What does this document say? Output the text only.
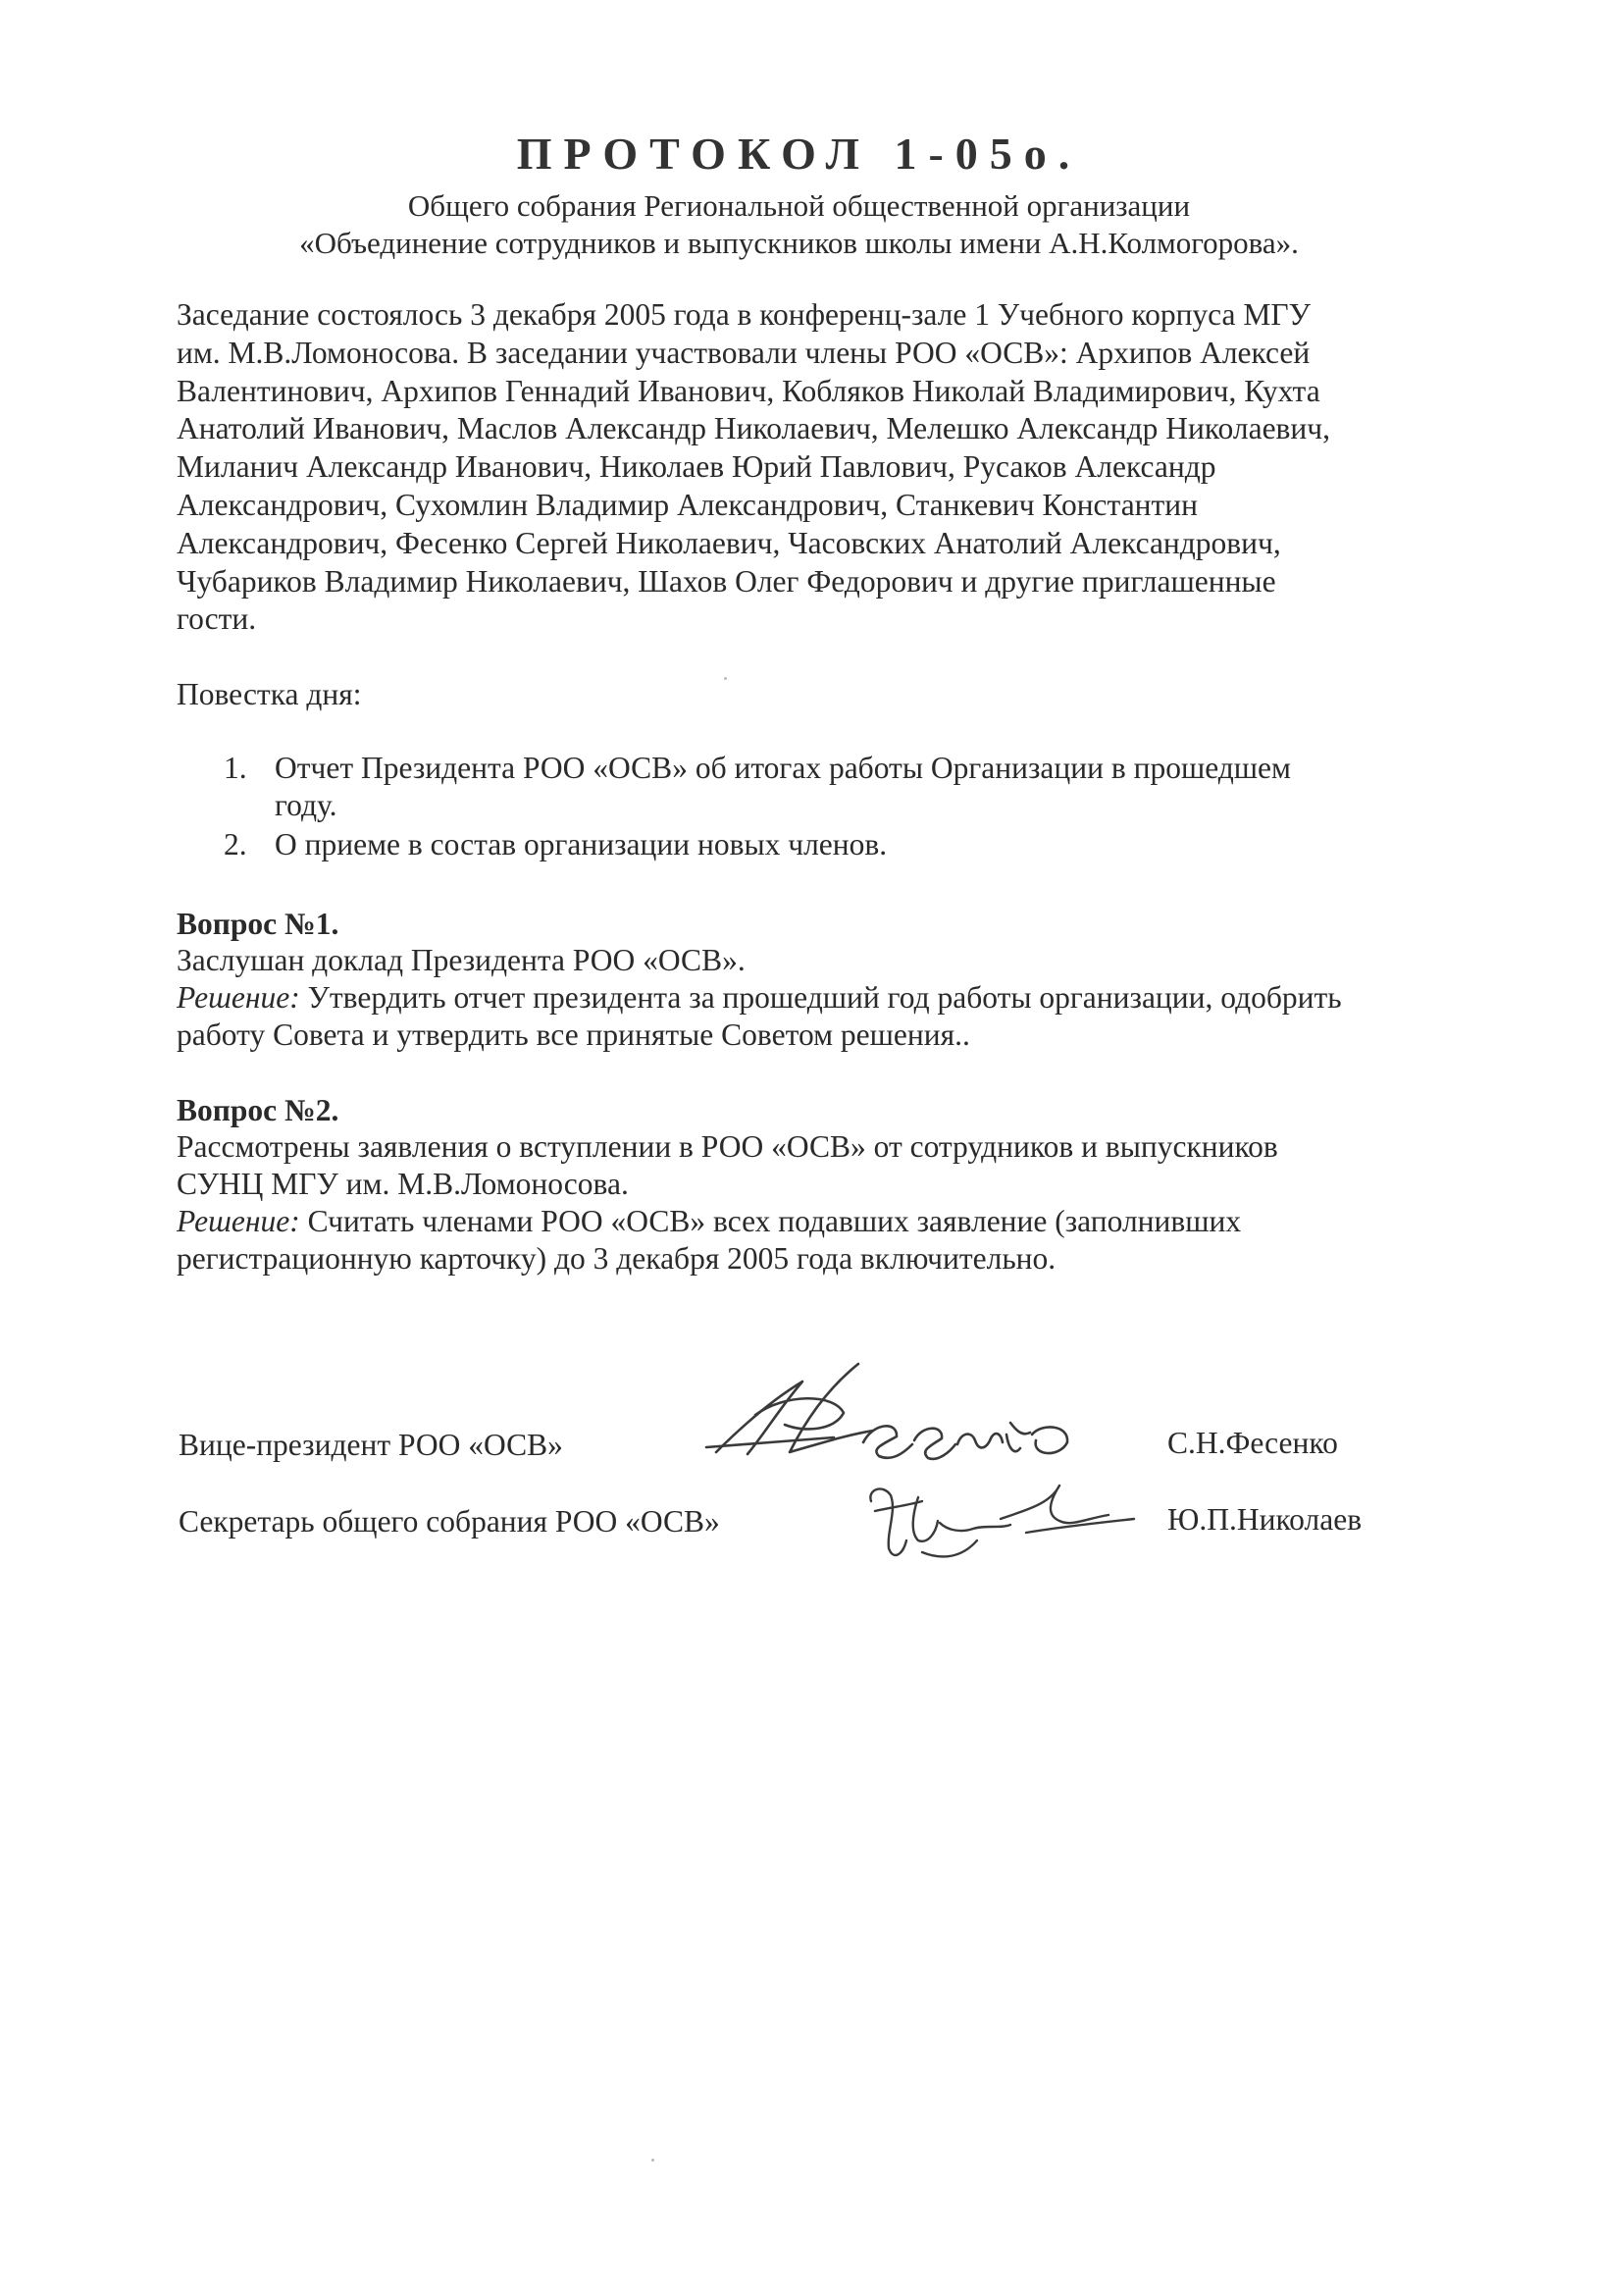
ПРОТОКОЛ 1-05о.
Общего собрания Региональной общественной организации
«Объединение сотрудников и выпускников школы имени А.Н.Колмогорова».
Заседание состоялось 3 декабря 2005 года в конференц-зале 1 Учебного корпуса МГУ
им. М.В.Ломоносова. В заседании участвовали члены РОО «ОСВ»: Архипов Алексей
Валентинович, Архипов Геннадий Иванович, Кобляков Николай Владимирович, Кухта
Анатолий Иванович, Маслов Александр Николаевич, Мелешко Александр Николаевич,
Миланич Александр Иванович, Николаев Юрий Павлович, Русаков Александр
Александрович, Сухомлин Владимир Александрович, Станкевич Константин
Александрович, Фесенко Сергей Николаевич, Часовских Анатолий Александрович,
Чубариков Владимир Николаевич, Шахов Олег Федорович и другие приглашенные
гости.
Повестка дня:
1. Отчет Президента РОО «ОСВ» об итогах работы Организации в прошедшем
году.
2. О приеме в состав организации новых членов.
Вопрос №1.
Заслушан доклад Президента РОО «ОСВ».
Решение: Утвердить отчет президента за прошедший год работы организации, одобрить
работу Совета и утвердить все принятые Советом решения..
Вопрос №2.
Рассмотрены заявления о вступлении в РОО «ОСВ» от сотрудников и выпускников
СУНЦ МГУ им. М.В.Ломоносова.
Решение: Считать членами РОО «ОСВ» всех подавших заявление (заполнивших
регистрационную карточку) до 3 декабря 2005 года включительно.
Вице-президент РОО «ОСВ»	С.Н.Фесенко
Секретарь общего собрания РОО «ОСВ»	Ю.П.Николаев
